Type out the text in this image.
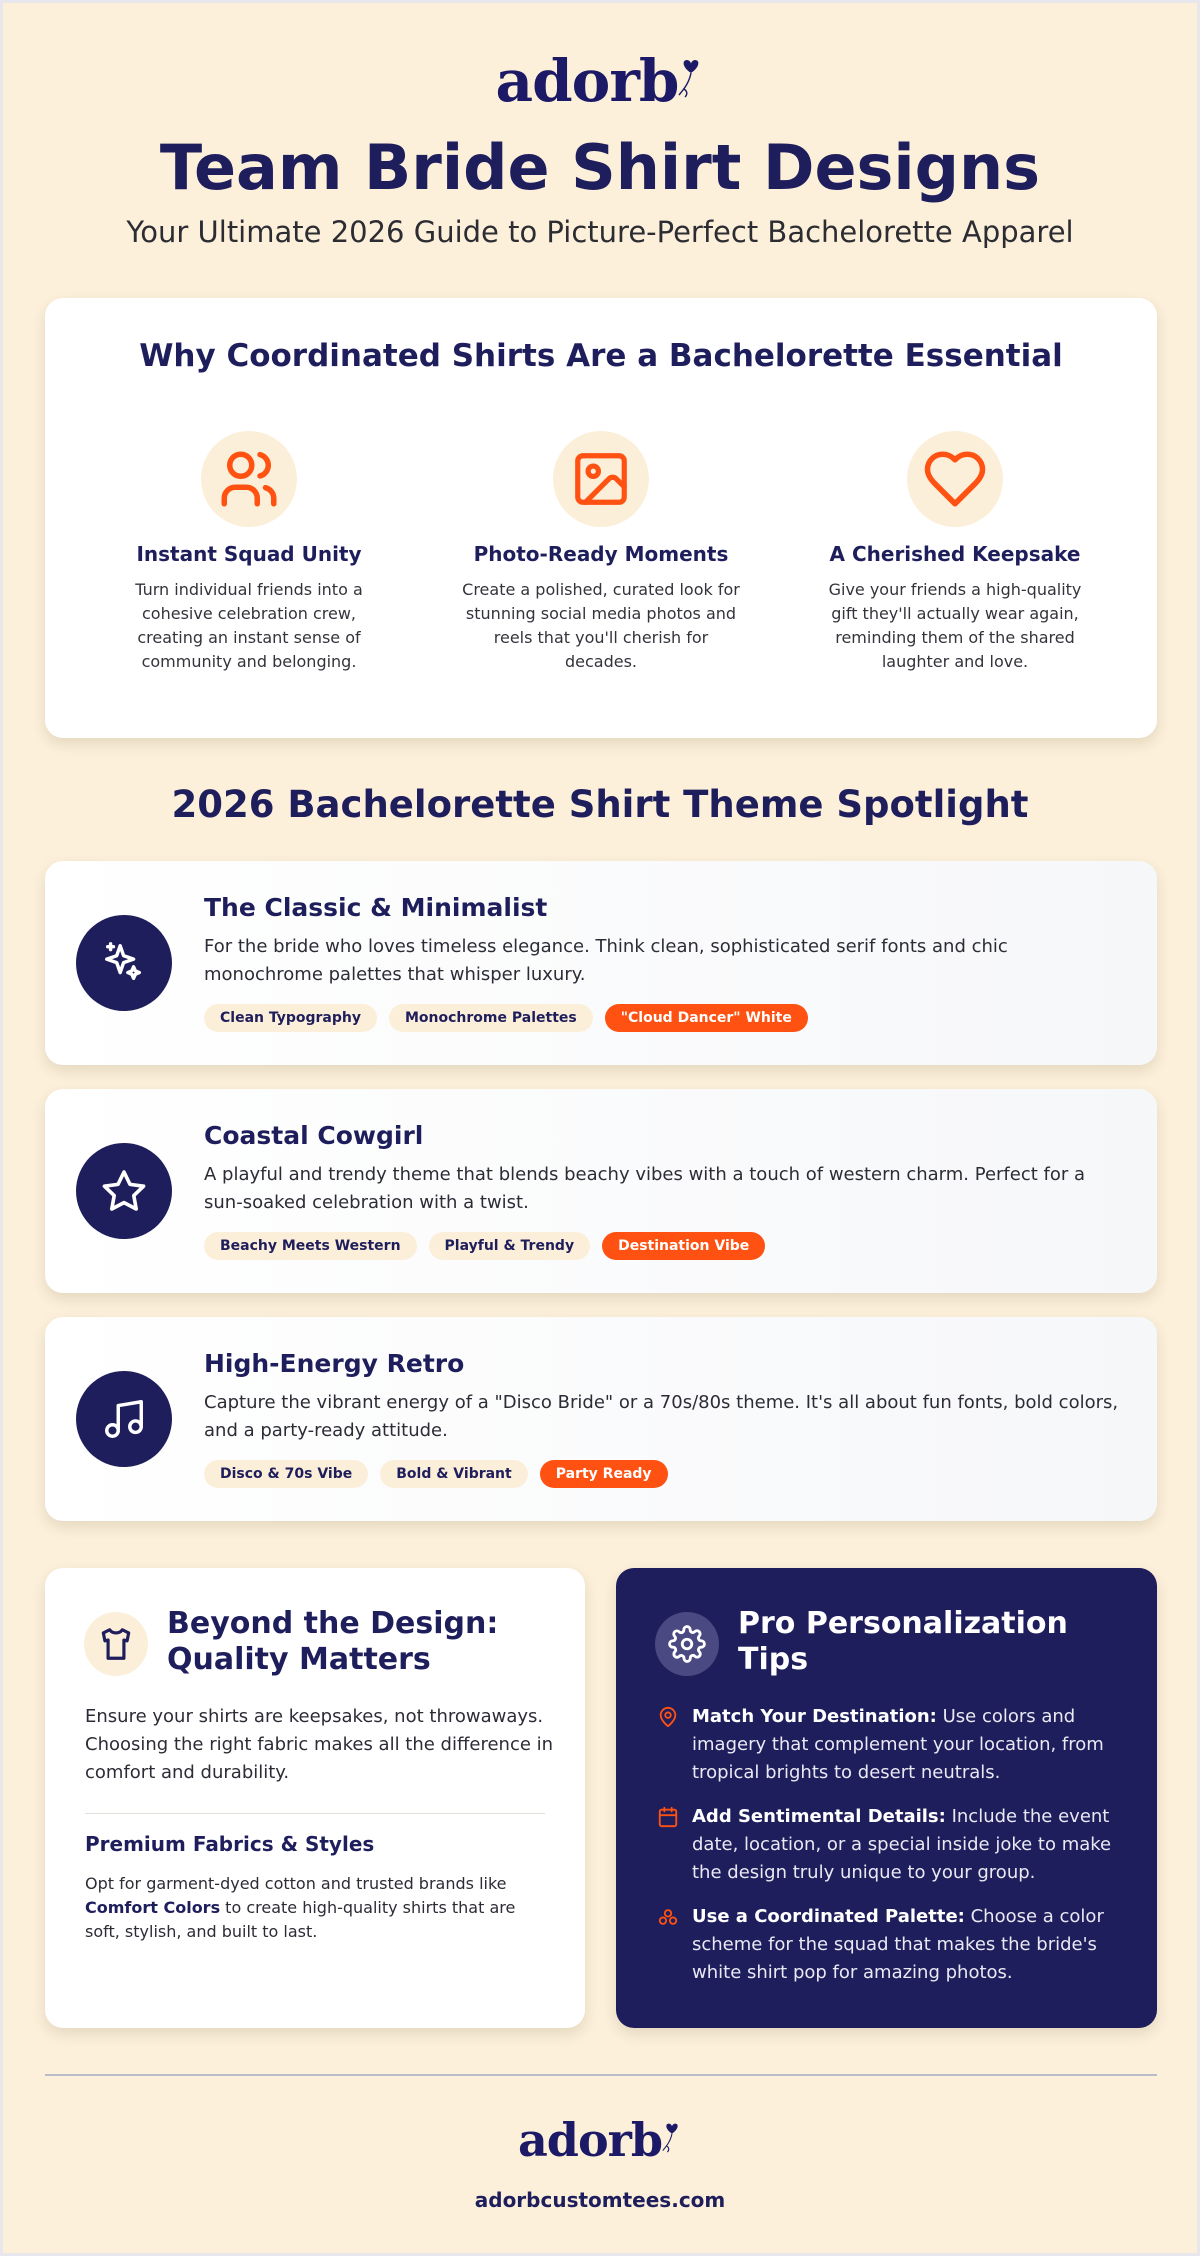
adorb
Team Bride Shirt Designs
Your Ultimate 2026 Guide to Picture-Perfect Bachelorette Apparel
Why Coordinated Shirts Are a Bachelorette Essential
Instant Squad Unity

Turn individual friends into a cohesive celebration crew, creating an instant sense of community and belonging.

Photo-Ready Moments

Create a polished, curated look for stunning social media photos and reels that you'll cherish for decades.

A Cherished Keepsake

Give your friends a high-quality gift they'll actually wear again, reminding them of the shared laughter and love.

2026 Bachelorette Shirt Theme Spotlight
The Classic & Minimalist
For the bride who loves timeless elegance. Think clean, sophisticated serif fonts and chic monochrome palettes that whisper luxury.
Clean Typography	Monochrome Palettes	"Cloud Dancer" White
Coastal Cowgirl
A playful and trendy theme that blends beachy vibes with a touch of western charm. Perfect for a sun-soaked celebration with a twist.
Beachy Meets Western	Playful & Trendy	Destination Vibe
High-Energy Retro
Capture the vibrant energy of a "Disco Bride" or a 70s/80s theme. It's all about fun fonts, bold colors, and a party-ready attitude.
Disco & 70s Vibe	Bold & Vibrant	Party Ready
Beyond the Design: Quality Matters
Ensure your shirts are keepsakes, not throwaways. Choosing the right fabric makes all the difference in comfort and durability.
Premium Fabrics & Styles
Opt for garment-dyed cotton and trusted brands like Comfort Colors to create high-quality shirts that are soft, stylish, and built to last.
Pro Personalization Tips

Match Your Destination: Use colors and imagery that complement your location, from tropical brights to desert neutrals.

Add Sentimental Details: Include the event date, location, or a special inside joke to make the design truly unique to your group.

Use a Coordinated Palette: Choose a color scheme for the squad that makes the bride's white shirt pop for amazing photos.

adorb
adorbcustomtees.com
